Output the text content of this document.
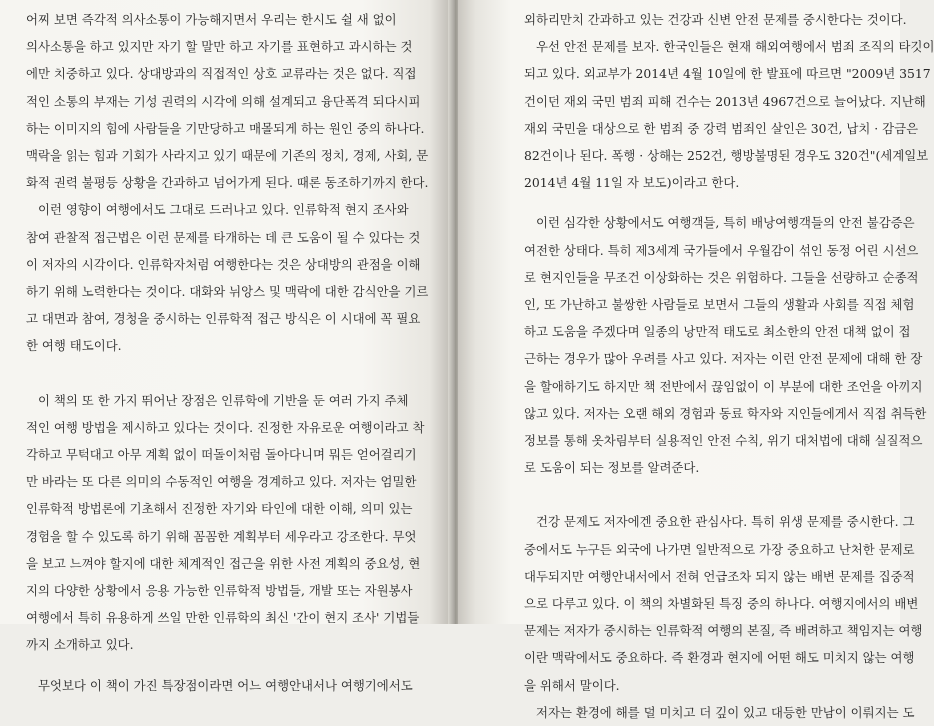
어찌 보면 즉각적 의사소통이 가능해지면서 우리는 한시도 쉴 새 없이
의사소통을 하고 있지만 자기 할 말만 하고 자기를 표현하고 과시하는 것
에만 치중하고 있다. 상대방과의 직접적인 상호 교류라는 것은 없다. 직접
적인 소통의 부재는 기성 권력의 시각에 의해 설계되고 융단폭격 되다시피
하는 이미지의 힘에 사람들을 기만당하고 매몰되게 하는 원인 중의 하나다.
맥락을 읽는 힘과 기회가 사라지고 있기 때문에 기존의 정치, 경제, 사회, 문
화적 권력 불평등 상황을 간과하고 넘어가게 된다. 때론 동조하기까지 한다.
이런 영향이 여행에서도 그대로 드러나고 있다. 인류학적 현지 조사와
참여 관찰적 접근법은 이런 문제를 타개하는 데 큰 도움이 될 수 있다는 것
이 저자의 시각이다. 인류학자처럼 여행한다는 것은 상대방의 관점을 이해
하기 위해 노력한다는 것이다. 대화와 뉘앙스 및 맥락에 대한 감식안을 기르
고 대면과 참여, 경청을 중시하는 인류학적 접근 방식은 이 시대에 꼭 필요
한 여행 태도이다.
이 책의 또 한 가지 뛰어난 장점은 인류학에 기반을 둔 여러 가지 주체
적인 여행 방법을 제시하고 있다는 것이다. 진정한 자유로운 여행이라고 착
각하고 무턱대고 아무 계획 없이 떠돌이처럼 돌아다니며 뭐든 얻어걸리기
만 바라는 또 다른 의미의 수동적인 여행을 경계하고 있다. 저자는 엄밀한
인류학적 방법론에 기초해서 진정한 자기와 타인에 대한 이해, 의미 있는
경험을 할 수 있도록 하기 위해 꼼꼼한 계획부터 세우라고 강조한다. 무엇
을 보고 느껴야 할지에 대한 체계적인 접근을 위한 사전 계획의 중요성, 현
지의 다양한 상황에서 응용 가능한 인류학적 방법들, 개발 또는 자원봉사
여행에서 특히 유용하게 쓰일 만한 인류학의 최신 '간이 현지 조사' 기법들
까지 소개하고 있다.
무엇보다 이 책이 가진 특장점이라면 어느 여행안내서나 여행기에서도
외하리만치 간과하고 있는 건강과 신변 안전 문제를 중시한다는 것이다.
우선 안전 문제를 보자. 한국인들은 현재 해외여행에서 범죄 조직의 타깃이
되고 있다. 외교부가 2014년 4월 10일에 한 발표에 따르면 "2009년 3517
건이던 재외 국민 범죄 피해 건수는 2013년 4967건으로 늘어났다. 지난해
재외 국민을 대상으로 한 범죄 중 강력 범죄인 살인은 30건, 납치 · 감금은
82건이나 된다. 폭행 · 상해는 252건, 행방불명된 경우도 320건"(세계일보
2014년 4월 11일 자 보도)이라고 한다.
이런 심각한 상황에서도 여행객들, 특히 배낭여행객들의 안전 불감증은
여전한 상태다. 특히 제3세계 국가들에서 우월감이 섞인 동정 어린 시선으
로 현지인들을 무조건 이상화하는 것은 위험하다. 그들을 선량하고 순종적
인, 또 가난하고 불쌍한 사람들로 보면서 그들의 생활과 사회를 직접 체험
하고 도움을 주겠다며 일종의 낭만적 태도로 최소한의 안전 대책 없이 접
근하는 경우가 많아 우려를 사고 있다. 저자는 이런 안전 문제에 대해 한 장
을 할애하기도 하지만 책 전반에서 끊임없이 이 부분에 대한 조언을 아끼지
않고 있다. 저자는 오랜 해외 경험과 동료 학자와 지인들에게서 직접 취득한
정보를 통해 옷차림부터 실용적인 안전 수칙, 위기 대처법에 대해 실질적으
로 도움이 되는 정보를 알려준다.
건강 문제도 저자에겐 중요한 관심사다. 특히 위생 문제를 중시한다. 그
중에서도 누구든 외국에 나가면 일반적으로 가장 중요하고 난처한 문제로
대두되지만 여행안내서에서 전혀 언급조차 되지 않는 배변 문제를 집중적
으로 다루고 있다. 이 책의 차별화된 특징 중의 하나다. 여행지에서의 배변
문제는 저자가 중시하는 인류학적 여행의 본질, 즉 배려하고 책임지는 여행
이란 맥락에서도 중요하다. 즉 환경과 현지에 어떤 해도 미치지 않는 여행
을 위해서 말이다.
저자는 환경에 해를 덜 미치고 더 깊이 있고 대등한 만남이 이뤄지는 도
